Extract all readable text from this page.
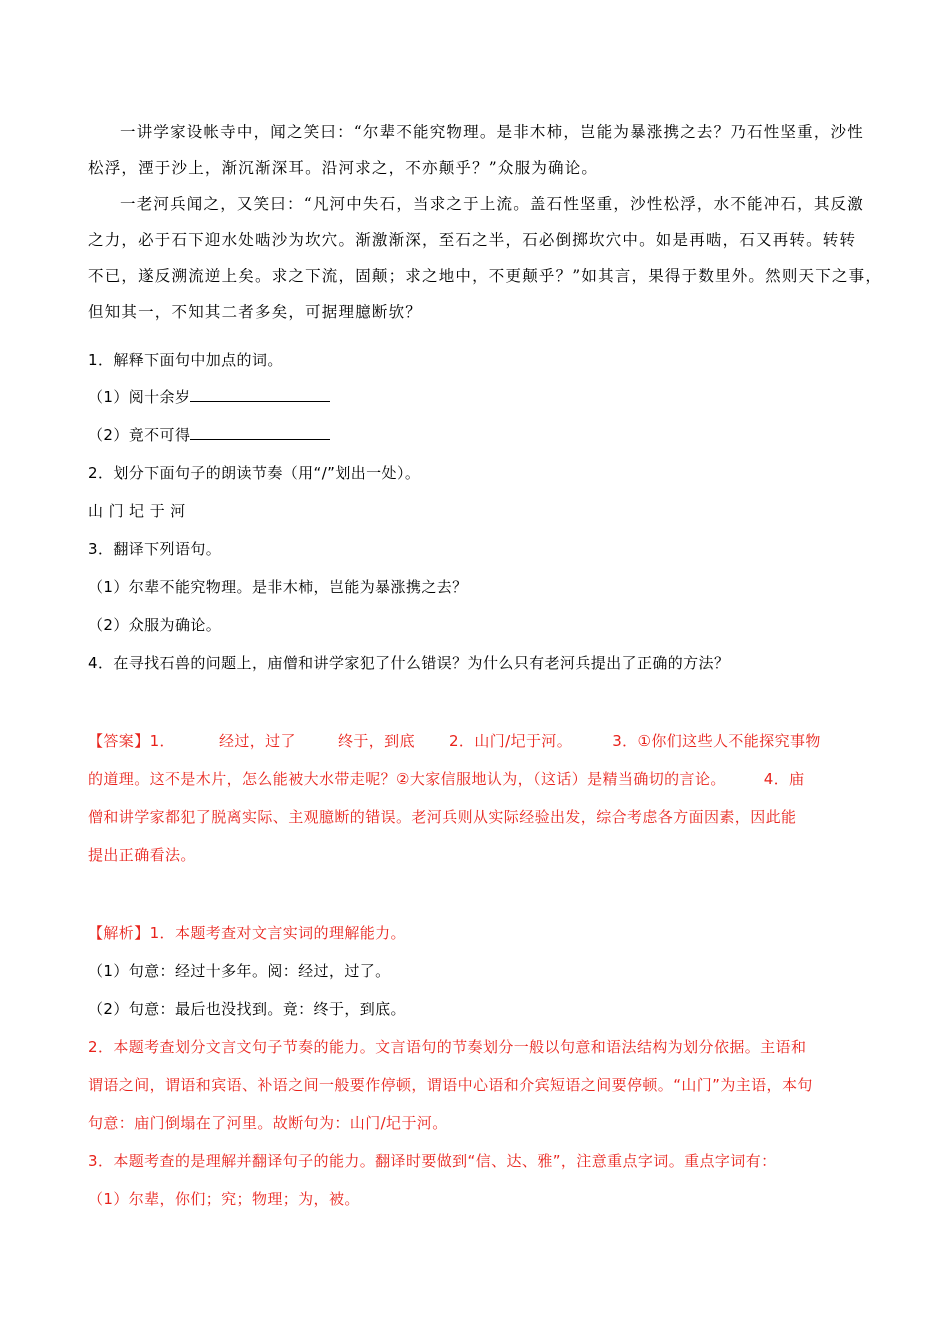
一讲学家设帐寺中，闻之笑曰：“尔辈不能究物理。是非木柿，岂能为暴涨携之去？乃石性坚重，沙性
松浮，湮于沙上，渐沉渐深耳。沿河求之，不亦颠乎？”众服为确论。
一老河兵闻之，又笑曰：“凡河中失石，当求之于上流。盖石性坚重，沙性松浮，水不能冲石，其反激
之力，必于石下迎水处啮沙为坎穴。渐激渐深，至石之半，石必倒掷坎穴中。如是再啮，石又再转。转转
不已，遂反溯流逆上矣。求之下流，固颠；求之地中，不更颠乎？”如其言，果得于数里外。然则天下之事，
但知其一，不知其二者多矣，可据理臆断欤？
1．解释下面句中加点的词。
（1）阅十余岁
（2）竟不可得
2．划分下面句子的朗读节奏（用“/”划出一处）。
山 门 圮 于 河
3．翻译下列语句。
（1）尔辈不能究物理。是非木柿，岂能为暴涨携之去？
（2）众服为确论。
4．在寻找石兽的问题上，庙僧和讲学家犯了什么错误？为什么只有老河兵提出了正确的方法？
【答案】1．	经过，过了	终于，到底 2．山门/圮于河。	3．①你们这些人不能探究事物
的道理。这不是木片，怎么能被大水带走呢？②大家信服地认为，（这话）是精当确切的言论。	4．庙
僧和讲学家都犯了脱离实际、主观臆断的错误。老河兵则从实际经验出发，综合考虑各方面因素，因此能
提出正确看法。
【解析】1．本题考查对文言实词的理解能力。
（1）句意：经过十多年。阅：经过，过了。
（2）句意：最后也没找到。竟：终于，到底。
2．本题考查划分文言文句子节奏的能力。文言语句的节奏划分一般以句意和语法结构为划分依据。主语和
谓语之间，谓语和宾语、补语之间一般要作停顿，谓语中心语和介宾短语之间要停顿。“山门”为主语，本句
句意：庙门倒塌在了河里。故断句为：山门/圮于河。
3．本题考查的是理解并翻译句子的能力。翻译时要做到“信、达、雅”，注意重点字词。重点字词有：
（1）尔辈，你们；究；物理；为，被。
